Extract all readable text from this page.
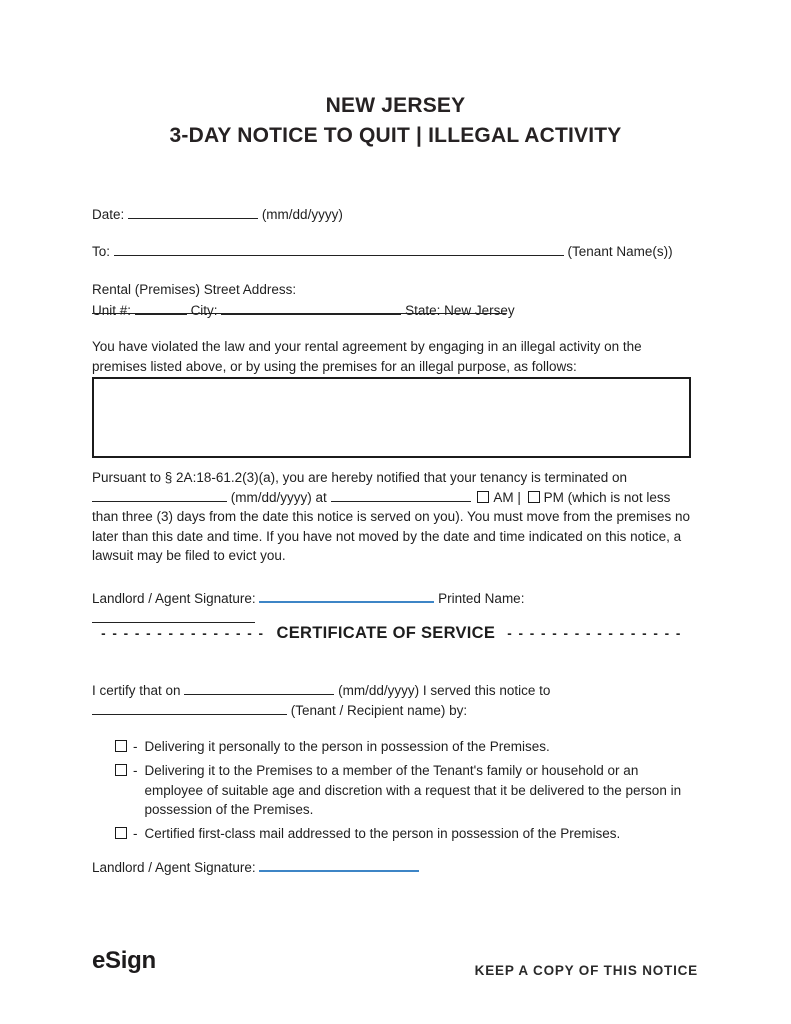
NEW JERSEY
3-DAY NOTICE TO QUIT | ILLEGAL ACTIVITY
Date:	(mm/dd/yyyy)
To:	(Tenant Name(s))
Rental (Premises) Street Address:
Unit #:	City:	State: New Jersey
You have violated the law and your rental agreement by engaging in an illegal activity on the premises listed above, or by using the premises for an illegal purpose, as follows:
Pursuant to § 2A:18-61.2(3)(a), you are hereby notified that your tenancy is terminated on  (mm/dd/yyyy) at	AM | PM (which is not less than three (3) days from the date this notice is served on you). You must move from the premises no later than this date and time. If you have not moved by the date and time indicated on this notice, a lawsuit may be filed to evict you.
Landlord / Agent Signature:	Printed Name:
- - - - - - - - - - - - - - - CERTIFICATE OF SERVICE - - - - - - - - - - - - - - - -
I certify that on	(mm/dd/yyyy) I served this notice to  (Tenant / Recipient name) by:
- Delivering it personally to the person in possession of the Premises.
- Delivering it to the Premises to a member of the Tenant's family or household or an employee of suitable age and discretion with a request that it be delivered to the person in possession of the Premises.
- Certified first-class mail addressed to the person in possession of the Premises.
Landlord / Agent Signature:
eSign	KEEP A COPY OF THIS NOTICE
